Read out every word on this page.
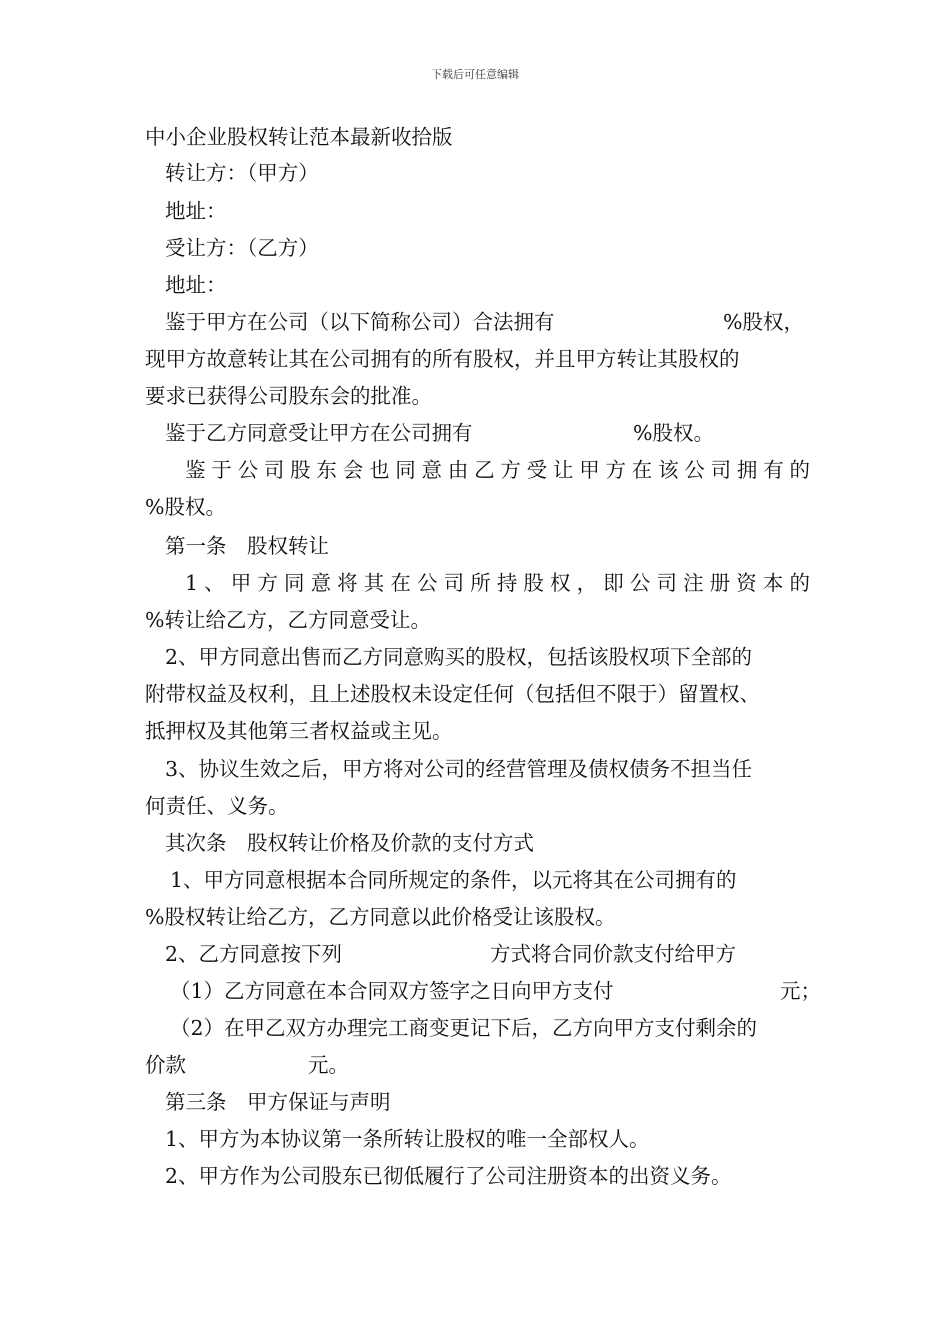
下载后可任意编辑
中小企业股权转让范本最新收拾版
转让方：（甲方）
地址：
受让方：（乙方）
地址：
鉴于甲方在公司（以下简称公司）合法拥有	%股权，
现甲方故意转让其在公司拥有的所有股权，并且甲方转让其股权的
要求已获得公司股东会的批准。
鉴于乙方同意受让甲方在公司拥有	%股权。
鉴于公司股东会也同意由乙方受让甲方在该公司拥有的
%股权。
第一条　股权转让
1、甲方同意将其在公司所持股权，即公司注册资本的
%转让给乙方，乙方同意受让。
2、甲方同意出售而乙方同意购买的股权，包括该股权项下全部的
附带权益及权利，且上述股权未设定任何（包括但不限于）留置权、
抵押权及其他第三者权益或主见。
3、协议生效之后，甲方将对公司的经营管理及债权债务不担当任
何责任、义务。
其次条　股权转让价格及价款的支付方式
1、甲方同意根据本合同所规定的条件，以元将其在公司拥有的
%股权转让给乙方，乙方同意以此价格受让该股权。
2、乙方同意按下列	方式将合同价款支付给甲方
（1）乙方同意在本合同双方签字之日向甲方支付	元；
（2）在甲乙双方办理完工商变更记下后，乙方向甲方支付剩余的
价款	元。
第三条　甲方保证与声明
1、甲方为本协议第一条所转让股权的唯一全部权人。
2、甲方作为公司股东已彻低履行了公司注册资本的出资义务。
